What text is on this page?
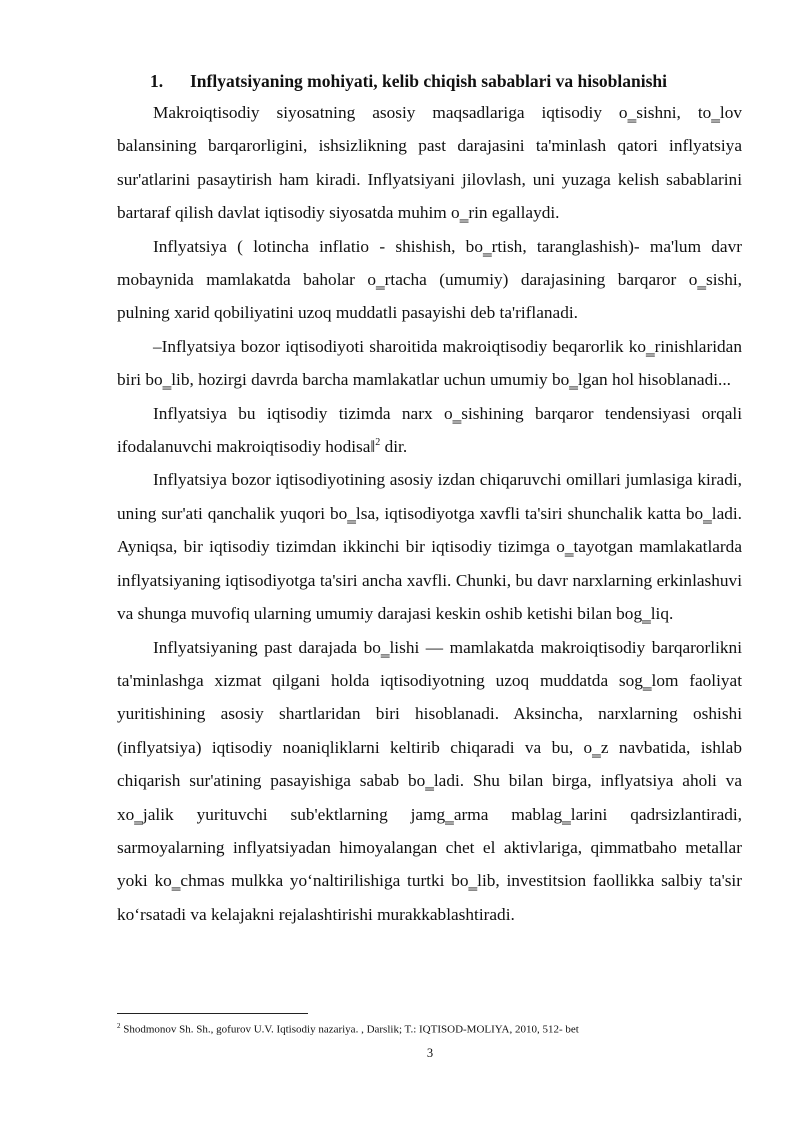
1. Inflyatsiyaning mohiyati, kelib chiqish sabablari va hisoblanishi

Makroiqtisodiy siyosatning asosiy maqsadlariga iqtisodiy o‗sishni, to‗lov balansining barqarorligini, ishsizlikning past darajasini ta'minlash qatori inflyatsiya sur'atlarini pasaytirish ham kiradi. Inflyatsiyani jilovlash, uni yuzaga kelish sabablarini bartaraf qilish davlat iqtisodiy siyosatda muhim o‗rin egallaydi.

Inflyatsiya ( lotincha inflatio - shishish, bo‗rtish, taranglashish)- ma'lum davr mobaynida mamlakatda baholar o‗rtacha (umumiy) darajasining barqaror o‗sishi, pulning xarid qobiliyatini uzoq muddatli pasayishi deb ta'riflanadi.

–Inflyatsiya bozor iqtisodiyoti sharoitida makroiqtisodiy beqarorlik ko‗rinishlaridan biri bo‗lib, hozirgi davrda barcha mamlakatlar uchun umumiy bo‗lgan hol hisoblanadi...

Inflyatsiya bu iqtisodiy tizimda narx o‗sishining barqaror tendensiyasi orqali ifodalanuvchi makroiqtisodiy hodisa‖$^2$ dir.

Inflyatsiya bozor iqtisodiyotining asosiy izdan chiqaruvchi omillari jumlasiga kiradi, uning sur'ati qanchalik yuqori bo‗lsa, iqtisodiyotga xavfli ta'siri shunchalik katta bo‗ladi. Ayniqsa, bir iqtisodiy tizimdan ikkinchi bir iqtisodiy tizimga o‗tayotgan mamlakatlarda inflyatsiyaning iqtisodiyotga ta'siri ancha xavfli. Chunki, bu davr narxlarning erkinlashuvi va shunga muvofiq ularning umumiy darajasi keskin oshib ketishi bilan bog‗liq.

Inflyatsiyaning past darajada bo‗lishi — mamlakatda makroiqtisodiy barqarorlikni ta'minlashga xizmat qilgani holda iqtisodiyotning uzoq muddatda sog‗lom faoliyat yuritishining asosiy shartlaridan biri hisoblanadi. Aksincha, narxlarning oshishi (inflyatsiya) iqtisodiy noaniqliklarni keltirib chiqaradi va bu, o‗z navbatida, ishlab chiqarish sur'atining pasayishiga sabab bo‗ladi. Shu bilan birga, inflyatsiya aholi va xo‗jalik yurituvchi sub'ektlarning jamg‗arma mablag‗larini qadrsizlantiradi, sarmoyalarning inflyatsiyadan himoyalangan chet el aktivlariga, qimmatbaho metallar yoki ko‗chmas mulkka yo‘naltirilishiga turtki bo‗lib, investitsion faollikka salbiy ta'sir ko‘rsatadi va kelajakni rejalashtirishi murakkablashtiradi.

$^2$ Shodmonov Sh. Sh., gofurov U.V. Iqtisodiy nazariya. , Darslik; T.: IQTISOD-MOLIYA, 2010, 512- bet
3
